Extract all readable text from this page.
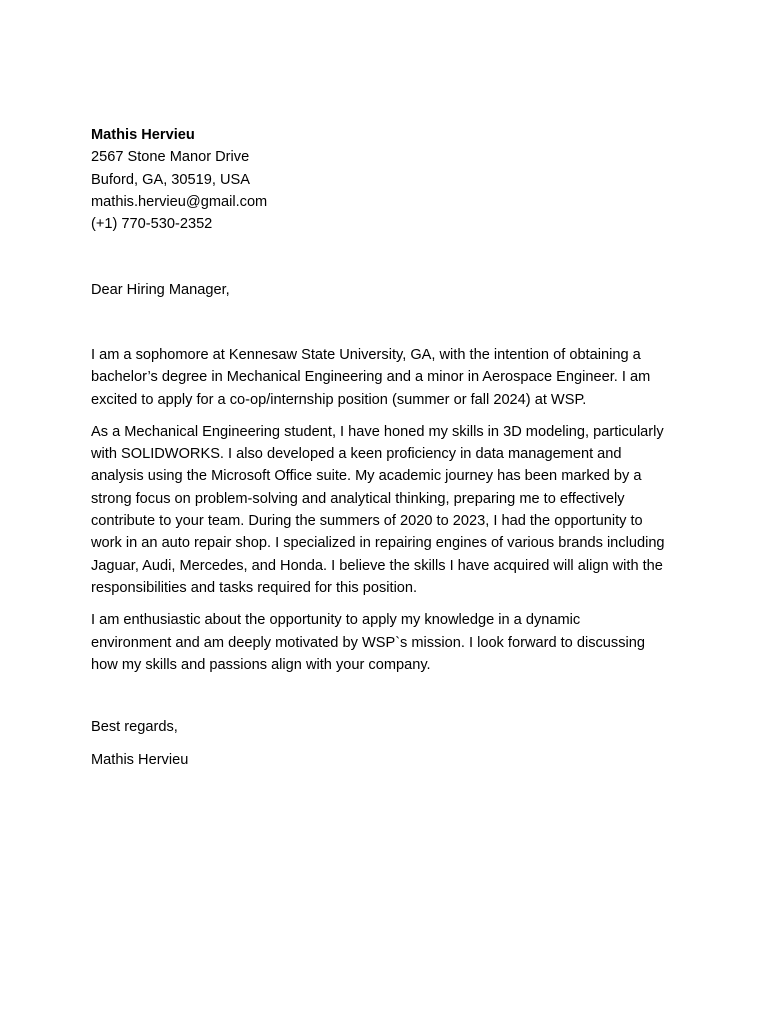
Mathis Hervieu
2567 Stone Manor Drive
Buford, GA, 30519, USA
mathis.hervieu@gmail.com
(+1) 770-530-2352
Dear Hiring Manager,

I am a sophomore at Kennesaw State University, GA, with the intention of obtaining a
bachelor’s degree in Mechanical Engineering and a minor in Aerospace Engineer. I am
excited to apply for a co-op/internship position (summer or fall 2024) at WSP.

As a Mechanical Engineering student, I have honed my skills in 3D modeling, particularly
with SOLIDWORKS. I also developed a keen proficiency in data management and
analysis using the Microsoft Office suite. My academic journey has been marked by a
strong focus on problem-solving and analytical thinking, preparing me to effectively
contribute to your team. During the summers of 2020 to 2023, I had the opportunity to
work in an auto repair shop. I specialized in repairing engines of various brands including
Jaguar, Audi, Mercedes, and Honda. I believe the skills I have acquired will align with the
responsibilities and tasks required for this position.

I am enthusiastic about the opportunity to apply my knowledge in a dynamic
environment and am deeply motivated by WSP`s mission. I look forward to discussing
how my skills and passions align with your company.

Best regards,
Mathis Hervieu
